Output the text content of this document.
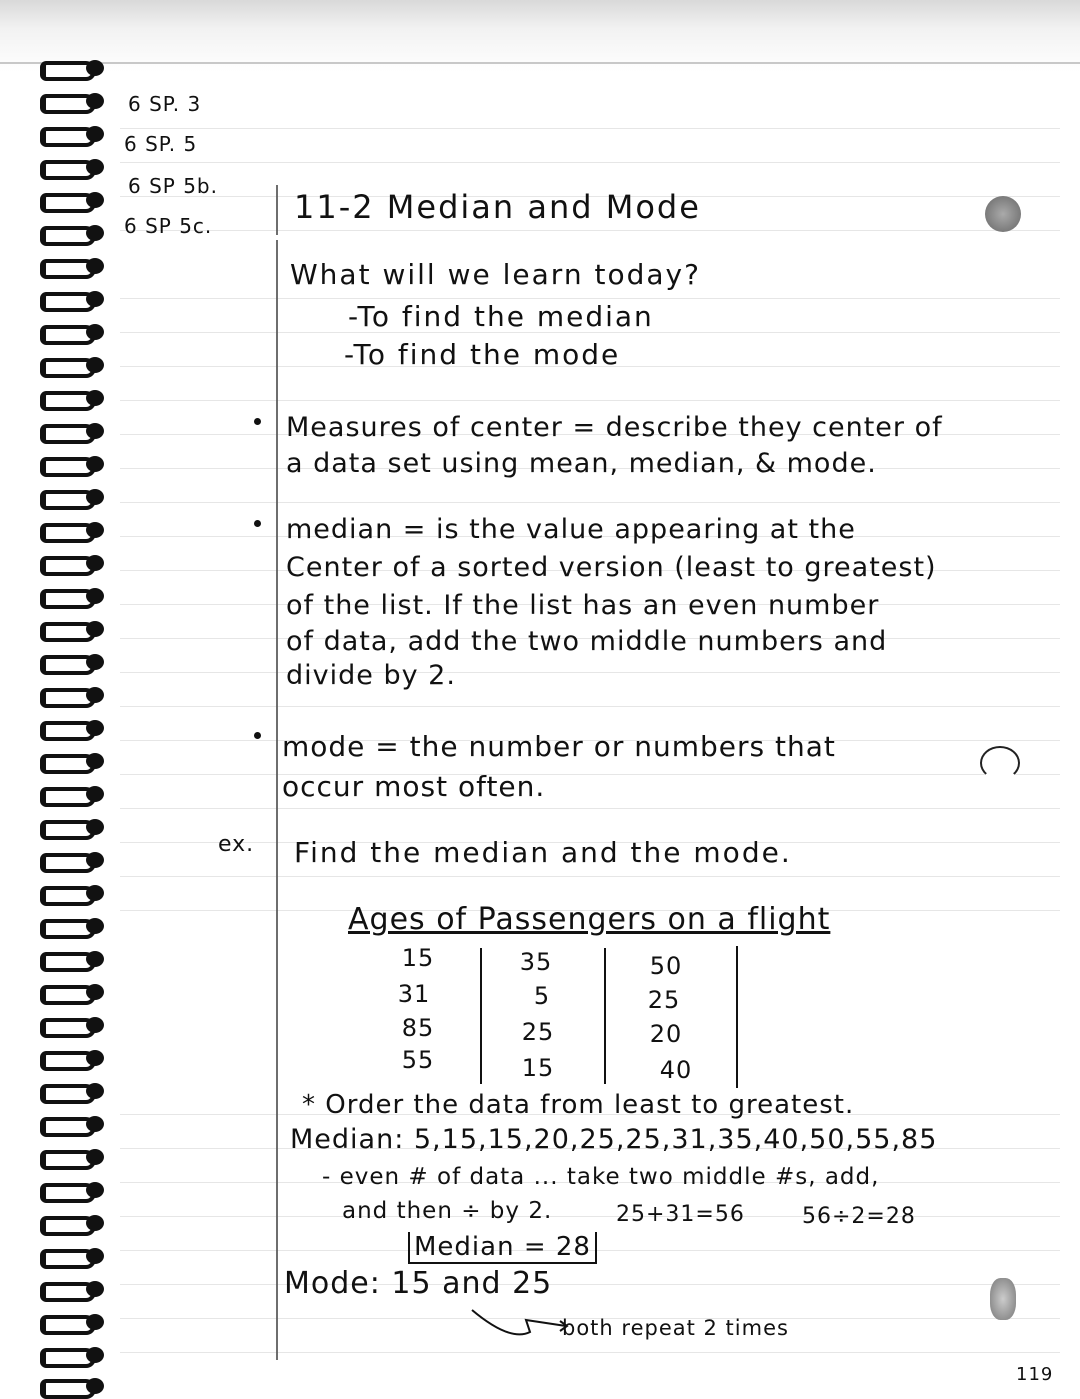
6 SP. 3
6 SP. 5
6 SP 5b.
6 SP 5c.	11-2 Median and Mode
What will we learn today?
-To find the median
-To find the mode
Measures of center = describe they center of
a data set using mean, median, & mode.
median = is the value appearing at the
Center of a sorted version (least to greatest)
of the list. If the list has an even number
of data, add the two middle numbers and
divide by 2.
mode = the number or numbers that
occur most often.
ex. Find the median and the mode.
Ages of Passengers on a flight
15	35	50
31	5	25
85	25	20
55	15	40
* Order the data from least to greatest.
Median: 5,15,15,20,25,25,31,35,40,50,55,85
- even # of data ... take two middle #s, add,
and then ÷ by 2.	25+31=56	56÷2=28
Median = 28
Mode: 15 and 25
both repeat 2 times
119
